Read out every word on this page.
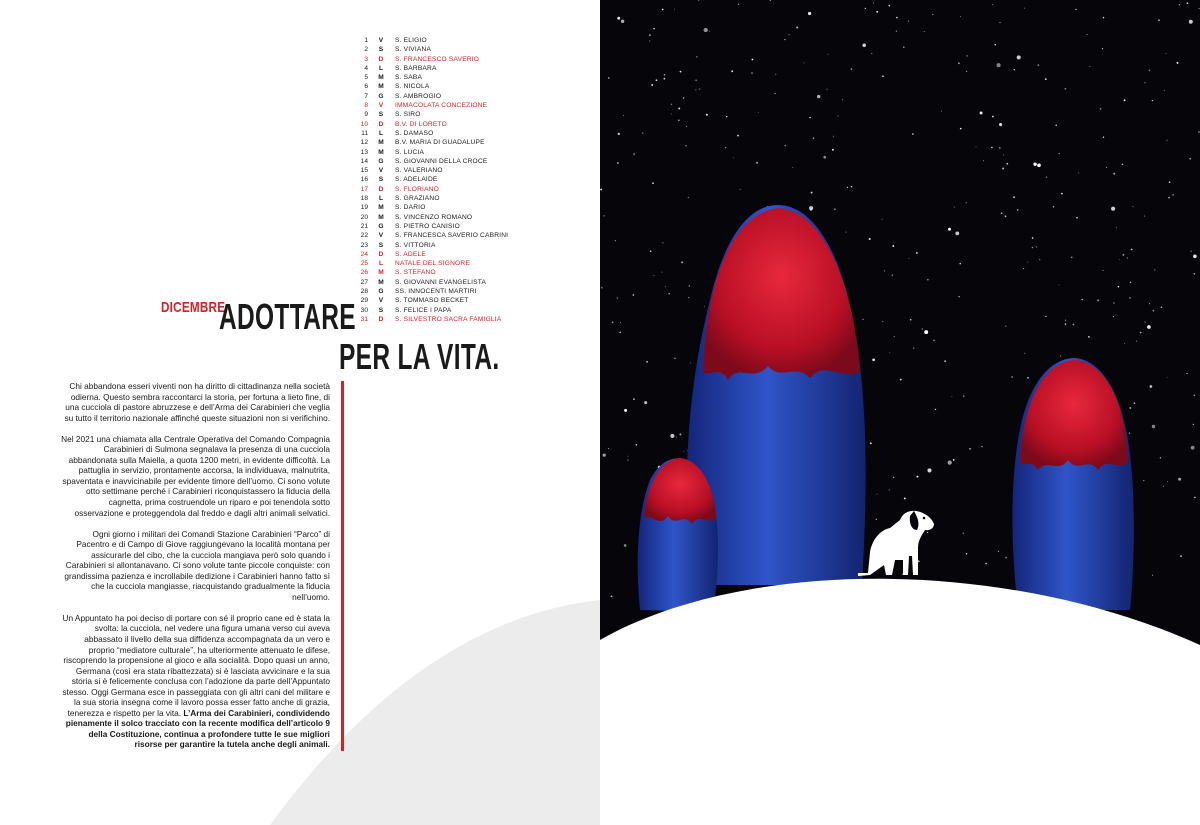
1	V	S. ELIGIO
2	S	S. VIVIANA
3	D	S. FRANCESCO SAVERIO
4	L	S. BARBARA
5	M	S. SABA
6	M	S. NICOLA
7	G	S. AMBROGIO
8	V	IMMACOLATA CONCEZIONE
9	S	S. SIRO
10	D	B.V. DI LORETO
11	L	S. DAMASO
12	M	B.V. MARIA DI GUADALUPE
13	M	S. LUCIA
14	G	S. GIOVANNI DELLA CROCE
15	V	S. VALERIANO
16	S	S. ADELAIDE
17	D	S. FLORIANO
18	L	S. GRAZIANO
19	M	S. DARIO
20	M	S. VINCENZO ROMANO
21	G	S. PIETRO CANISIO
22	V	S. FRANCESCA SAVERIO CABRINI
23	S	S. VITTORIA
24	D	S. ADELE
25	L	NATALE DEL SIGNORE
26	M	S. STEFANO
27	M	S. GIOVANNI EVANGELISTA
28	G	SS. INNOCENTI MARTIRI
29	V	S. TOMMASO BECKET
30	S	S. FELICE I PAPA
31	D	S. SILVESTRO SACRA FAMIGLIA
DICEMBRE
ADOTTARE
PER LA VITA.

Chi abbandona esseri viventi non ha diritto di cittadinanza nella società odierna. Questo sembra raccontarci la storia, per fortuna a lieto fine, di una cucciola di pastore abruzzese e dell’Arma dei Carabinieri che veglia su tutto il territorio nazionale affinché queste situazioni non si verifichino.

Nel 2021 una chiamata alla Centrale Operativa del Comando Compagnia Carabinieri di Sulmona segnalava la presenza di una cucciola abbandonata sulla Maiella, a quota 1200 metri, in evidente difficoltà. La pattuglia in servizio, prontamente accorsa, la individuava, malnutrita, spaventata e inavvicinabile per evidente timore dell’uomo. Ci sono volute otto settimane perché i Carabinieri riconquistassero la fiducia della cagnetta, prima costruendole un riparo e poi tenendola sotto osservazione e proteggendola dal freddo e dagli altri animali selvatici.

Ogni giorno i militari dei Comandi Stazione Carabinieri “Parco” di Pacentro e di Campo di Giove raggiungevano la località montana per assicurarle del cibo, che la cucciola mangiava però solo quando i Carabinieri si allontanavano. Ci sono volute tante piccole conquiste: con grandissima pazienza e incrollabile dedizione i Carabinieri hanno fatto sì che la cucciola mangiasse, riacquistando gradualmente la fiducia nell’uomo.

Un Appuntato ha poi deciso di portare con sé il proprio cane ed è stata la svolta: la cucciola, nel vedere una figura umana verso cui aveva abbassato il livello della sua diffidenza accompagnata da un vero e proprio “mediatore culturale”, ha ulteriormente attenuato le difese, riscoprendo la propensione al gioco e alla socialità. Dopo quasi un anno, Germana (così era stata ribattezzata) si è lasciata avvicinare e la sua storia si è felicemente conclusa con l’adozione da parte dell’Appuntato stesso. Oggi Germana esce in passeggiata con gli altri cani del militare e la sua storia insegna come il lavoro possa esser fatto anche di grazia, tenerezza e rispetto per la vita. L’Arma dei Carabinieri, condividendo pienamente il solco tracciato con la recente modifica dell’articolo 9 della Costituzione, continua a profondere tutte le sue migliori risorse per garantire la tutela anche degli animali.
